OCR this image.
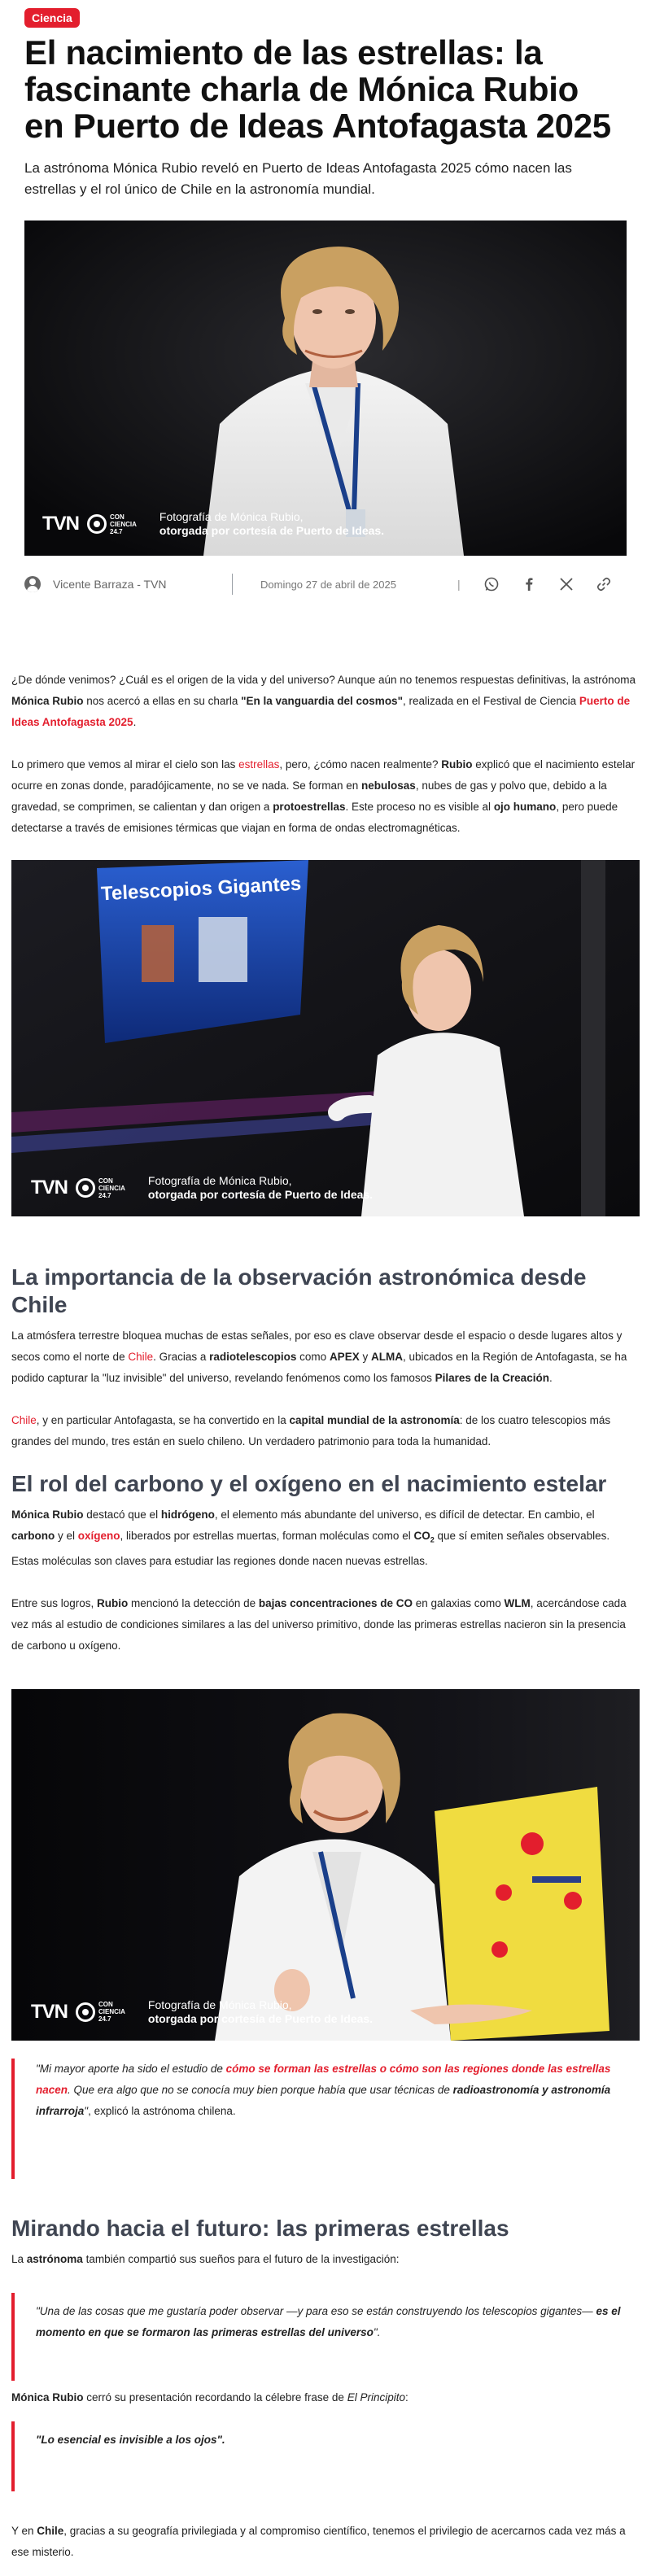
Ciencia
El nacimiento de las estrellas: la fascinante charla de Mónica Rubio en Puerto de Ideas Antofagasta 2025

La astrónoma Mónica Rubio reveló en Puerto de Ideas Antofagasta 2025 cómo nacen las estrellas y el rol único de Chile en la astronomía mundial.

TVN	CON
CIENCIA
24.7
Fotografía de Mónica Rubio,
otorgada por cortesía de Puerto de Ideas.
Vicente Barraza - TVN	Domingo 27 de abril de 2025	|

¿De dónde venimos? ¿Cuál es el origen de la vida y del universo? Aunque aún no tenemos respuestas definitivas, la astrónoma Mónica Rubio nos acercó a ellas en su charla "En la vanguardia del cosmos", realizada en el Festival de Ciencia Puerto de Ideas Antofagasta 2025.

Lo primero que vemos al mirar el cielo son las estrellas, pero, ¿cómo nacen realmente? Rubio explicó que el nacimiento estelar ocurre en zonas donde, paradójicamente, no se ve nada. Se forman en nebulosas, nubes de gas y polvo que, debido a la gravedad, se comprimen, se calientan y dan origen a protoestrellas. Este proceso no es visible al ojo humano, pero puede detectarse a través de emisiones térmicas que viajan en forma de ondas electromagnéticas.

Telescopios Gigantes
TVN	CON
CIENCIA
24.7
Fotografía de Mónica Rubio,
otorgada por cortesía de Puerto de Ideas.
La importancia de la observación astronómica desde Chile

La atmósfera terrestre bloquea muchas de estas señales, por eso es clave observar desde el espacio o desde lugares altos y secos como el norte de Chile. Gracias a radiotelescopios como APEX y ALMA, ubicados en la Región de Antofagasta, se ha podido capturar la "luz invisible" del universo, revelando fenómenos como los famosos Pilares de la Creación.

Chile, y en particular Antofagasta, se ha convertido en la capital mundial de la astronomía: de los cuatro telescopios más grandes del mundo, tres están en suelo chileno. Un verdadero patrimonio para toda la humanidad.

El rol del carbono y el oxígeno en el nacimiento estelar

Mónica Rubio destacó que el hidrógeno, el elemento más abundante del universo, es difícil de detectar. En cambio, el carbono y el oxígeno, liberados por estrellas muertas, forman moléculas como el $CO_2$ que sí emiten señales observables. Estas moléculas son claves para estudiar las regiones donde nacen nuevas estrellas.

Entre sus logros, Rubio mencionó la detección de bajas concentraciones de CO en galaxias como WLM, acercándose cada vez más al estudio de condiciones similares a las del universo primitivo, donde las primeras estrellas nacieron sin la presencia de carbono u oxígeno.

TVN	CON
CIENCIA
24.7
Fotografía de Mónica Rubio,
otorgada por cortesía de Puerto de Ideas.
"Mi mayor aporte ha sido el estudio de cómo se forman las estrellas o cómo son las regiones donde las estrellas nacen. Que era algo que no se conocía muy bien porque había que usar técnicas de radioastronomía y astronomía infrarroja", explicó la astrónoma chilena.
Mirando hacia el futuro: las primeras estrellas

La astrónoma también compartió sus sueños para el futuro de la investigación:

"Una de las cosas que me gustaría poder observar —y para eso se están construyendo los telescopios gigantes— es el momento en que se formaron las primeras estrellas del universo".

Mónica Rubio cerró su presentación recordando la célebre frase de El Principito:

"Lo esencial es invisible a los ojos".

Y en Chile, gracias a su geografía privilegiada y al compromiso científico, tenemos el privilegio de acercarnos cada vez más a ese misterio.
